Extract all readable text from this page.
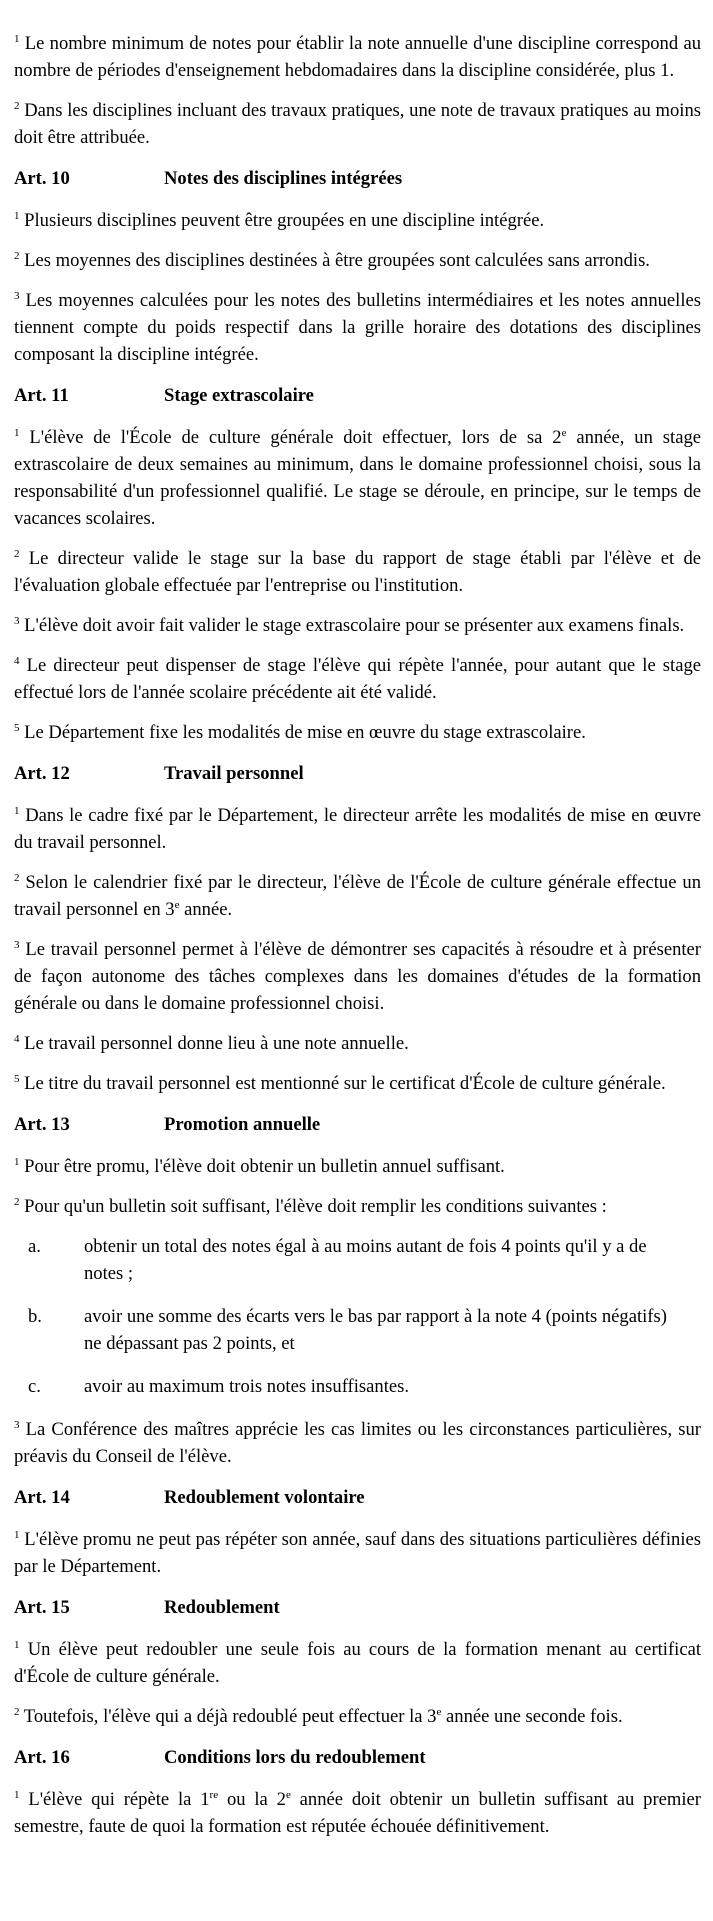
$^1$ Le nombre minimum de notes pour établir la note annuelle d'une discipline correspond au nombre de périodes d'enseignement hebdomadaires dans la discipline considérée, plus 1.

$^2$ Dans les disciplines incluant des travaux pratiques, une note de travaux pratiques au moins doit être attribuée.

Art. 10	Notes des disciplines intégrées

$^1$ Plusieurs disciplines peuvent être groupées en une discipline intégrée.

$^2$ Les moyennes des disciplines destinées à être groupées sont calculées sans arrondis.

$^3$ Les moyennes calculées pour les notes des bulletins intermédiaires et les notes annuelles tiennent compte du poids respectif dans la grille horaire des dotations des disciplines composant la discipline intégrée.

Art. 11	Stage extrascolaire

$^1$ L'élève de l'École de culture générale doit effectuer, lors de sa 2e année, un stage extrascolaire de deux semaines au minimum, dans le domaine professionnel choisi, sous la responsabilité d'un professionnel qualifié. Le stage se déroule, en principe, sur le temps de vacances scolaires.

$^2$ Le directeur valide le stage sur la base du rapport de stage établi par l'élève et de l'évaluation globale effectuée par l'entreprise ou l'institution.

$^3$ L'élève doit avoir fait valider le stage extrascolaire pour se présenter aux examens finals.

$^4$ Le directeur peut dispenser de stage l'élève qui répète l'année, pour autant que le stage effectué lors de l'année scolaire précédente ait été validé.

$^5$ Le Département fixe les modalités de mise en œuvre du stage extrascolaire.

Art. 12	Travail personnel

$^1$ Dans le cadre fixé par le Département, le directeur arrête les modalités de mise en œuvre du travail personnel.

$^2$ Selon le calendrier fixé par le directeur, l'élève de l'École de culture générale effectue un travail personnel en 3e année.

$^3$ Le travail personnel permet à l'élève de démontrer ses capacités à résoudre et à présenter de façon autonome des tâches complexes dans les domaines d'études de la formation générale ou dans le domaine professionnel choisi.

$^4$ Le travail personnel donne lieu à une note annuelle.

$^5$ Le titre du travail personnel est mentionné sur le certificat d'École de culture générale.

Art. 13	Promotion annuelle

$^1$ Pour être promu, l'élève doit obtenir un bulletin annuel suffisant.

$^2$ Pour qu'un bulletin soit suffisant, l'élève doit remplir les conditions suivantes :

a.	obtenir un total des notes égal à au moins autant de fois 4 points qu'il y a de notes ;
b.	avoir une somme des écarts vers le bas par rapport à la note 4 (points négatifs) ne dépassant pas 2 points, et
c.	avoir au maximum trois notes insuffisantes.

$^3$ La Conférence des maîtres apprécie les cas limites ou les circonstances particulières, sur préavis du Conseil de l'élève.

Art. 14	Redoublement volontaire

$^1$ L'élève promu ne peut pas répéter son année, sauf dans des situations particulières définies par le Département.

Art. 15	Redoublement

$^1$ Un élève peut redoubler une seule fois au cours de la formation menant au certificat d'École de culture générale.

$^2$ Toutefois, l'élève qui a déjà redoublé peut effectuer la 3e année une seconde fois.

Art. 16	Conditions lors du redoublement

$^1$ L'élève qui répète la 1re ou la 2e année doit obtenir un bulletin suffisant au premier semestre, faute de quoi la formation est réputée échouée définitivement.
